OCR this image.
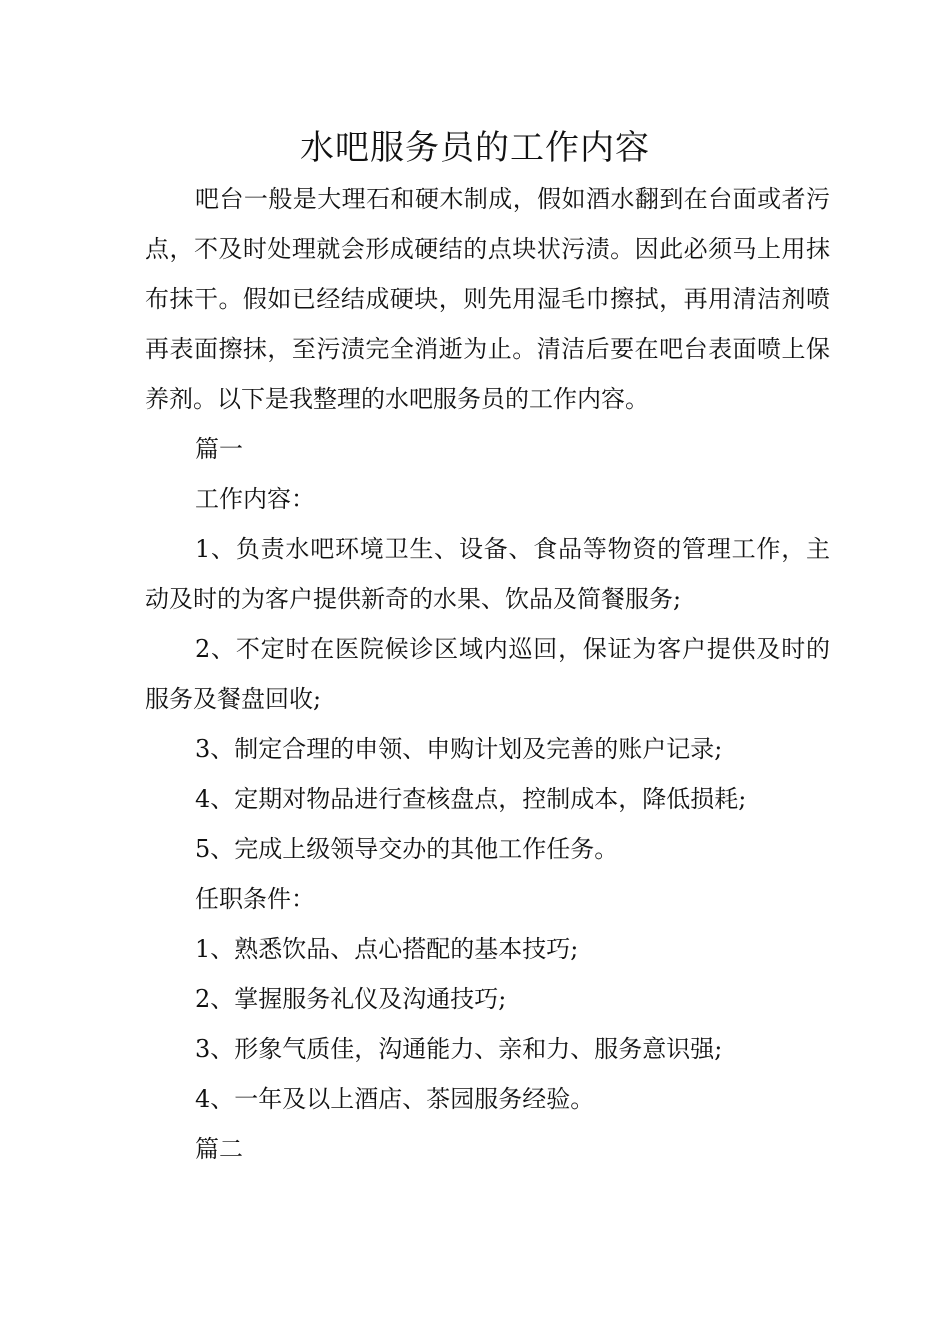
水吧服务员的工作内容

吧台一般是大理石和硬木制成，假如酒水翻到在台面或者污点，不及时处理就会形成硬结的点块状污渍。因此必须马上用抹布抹干。假如已经结成硬块，则先用湿毛巾擦拭，再用清洁剂喷再表面擦抹，至污渍完全消逝为止。清洁后要在吧台表面喷上保养剂。以下是我整理的水吧服务员的工作内容。

篇一

工作内容：

1、负责水吧环境卫生、设备、食品等物资的管理工作，主动及时的为客户提供新奇的水果、饮品及简餐服务;

2、不定时在医院候诊区域内巡回，保证为客户提供及时的服务及餐盘回收;

3、制定合理的申领、申购计划及完善的账户记录;

4、定期对物品进行查核盘点，控制成本，降低损耗;

5、完成上级领导交办的其他工作任务。

任职条件：

1、熟悉饮品、点心搭配的基本技巧;

2、掌握服务礼仪及沟通技巧;

3、形象气质佳，沟通能力、亲和力、服务意识强;

4、一年及以上酒店、茶园服务经验。

篇二
